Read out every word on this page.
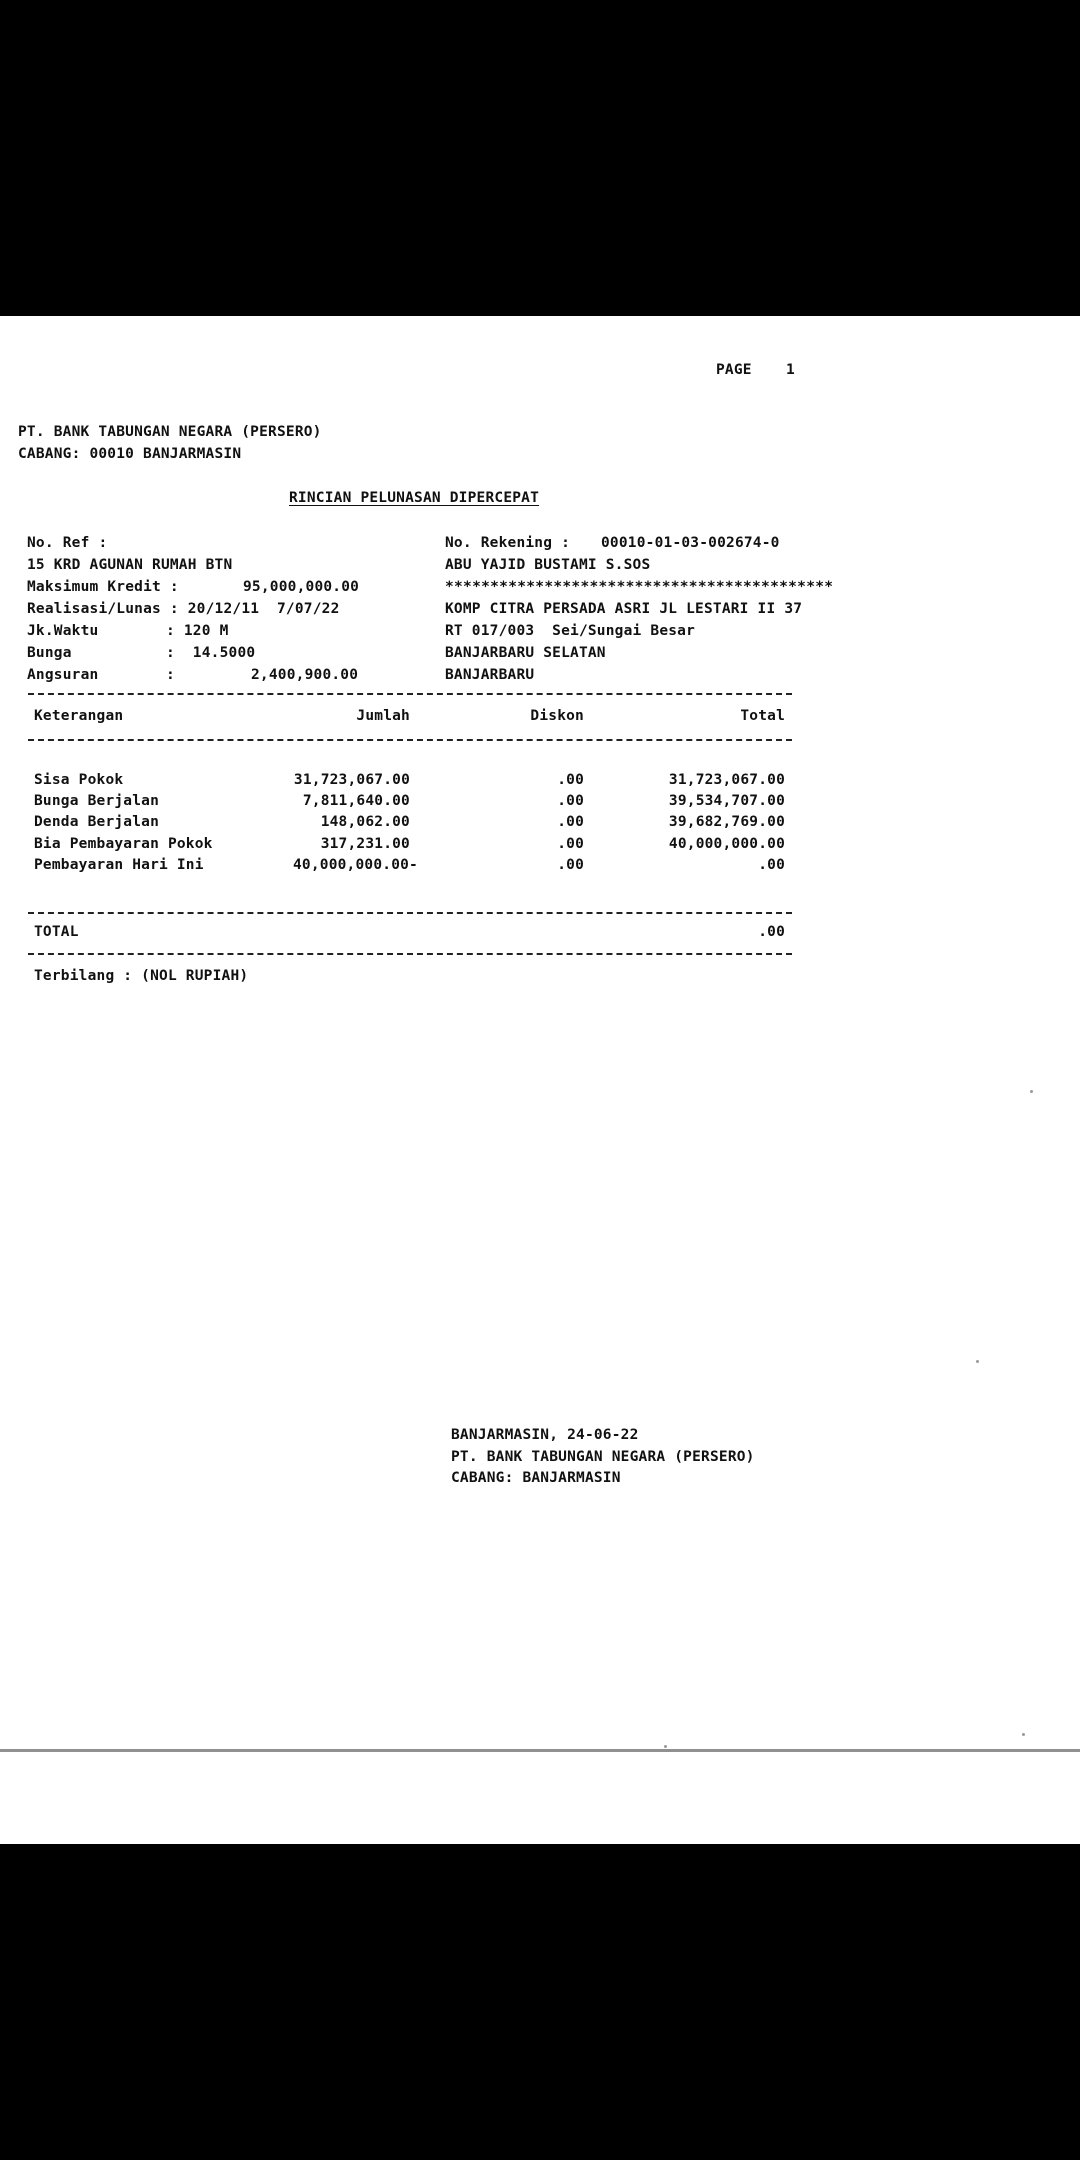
PAGE 1
PT. BANK TABUNGAN NEGARA (PERSERO)
CABANG: 00010 BANJARMASIN
RINCIAN PELUNASAN DIPERCEPAT
No. Ref :
15 KRD AGUNAN RUMAH BTN
Maksimum Kredit :	95,000,000.00
Realisasi/Lunas : 20/12/11 7/07/22
Jk.Waktu	: 120 M
Bunga	:  14.5000
Angsuran	:	2,400,900.00
No. Rekening : 00010-01-03-002674-0
ABU YAJID BUSTAMI S.SOS
*******************************************
KOMP CITRA PERSADA ASRI JL LESTARI II 37
RT 017/003  Sei/Sungai Besar
BANJARBARU SELATAN
BANJARBARU
Keterangan	Jumlah	Diskon	Total
Sisa Pokok	31,723,067.00	.00	31,723,067.00
Bunga Berjalan	7,811,640.00	.00	39,534,707.00
Denda Berjalan	148,062.00	.00	39,682,769.00
Bia Pembayaran Pokok	317,231.00	.00	40,000,000.00
Pembayaran Hari Ini	40,000,000.00-	.00	.00
TOTAL	.00
Terbilang : (NOL RUPIAH)
BANJARMASIN, 24-06-22
PT. BANK TABUNGAN NEGARA (PERSERO)
CABANG: BANJARMASIN
